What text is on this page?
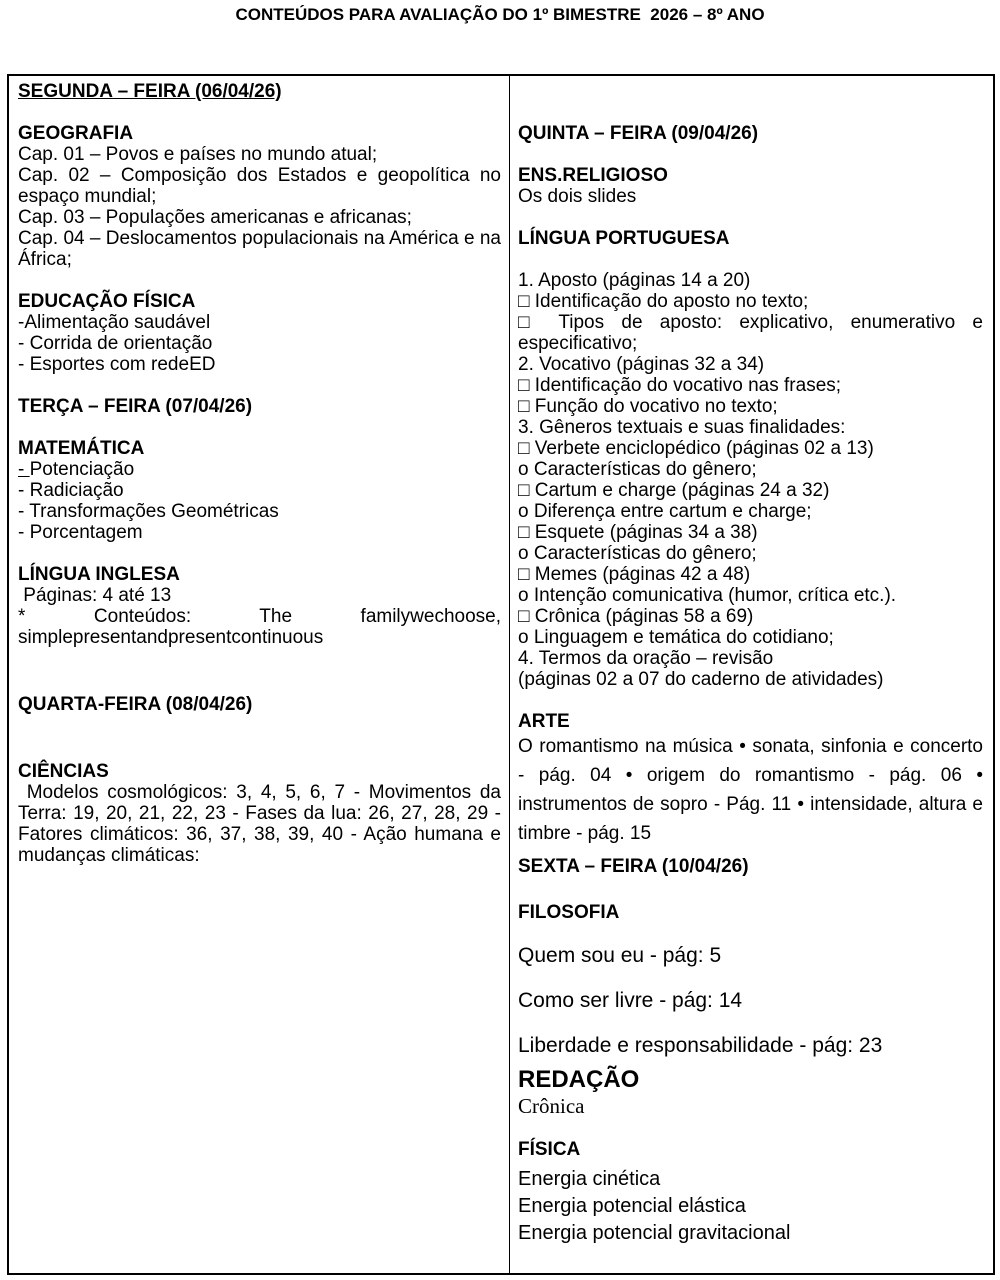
CONTEÚDOS PARA AVALIAÇÃO DO 1º BIMESTRE  2026 – 8º ANO

SEGUNDA – FEIRA (06/04/26)

GEOGRAFIA

Cap. 01 – Povos e países no mundo atual;

Cap. 02 – Composição dos Estados e geopolítica no espaço mundial;

Cap. 03 – Populações americanas e africanas;

Cap. 04 – Deslocamentos populacionais na América e na África;

EDUCAÇÃO FÍSICA

-Alimentação saudável

- Corrida de orientação

- Esportes com redeED

TERÇA – FEIRA (07/04/26)

MATEMÁTICA

- Potenciação

- Radiciação

- Transformações Geométricas

- Porcentagem

LÍNGUA INGLESA

Páginas: 4 até 13

* Conteúdos: The familywechoose, simplepresentandpresentcontinuous

QUARTA-FEIRA (08/04/26)

CIÊNCIAS

Modelos cosmológicos: 3, 4, 5, 6, 7 - Movimentos da Terra: 19, 20, 21, 22, 23 - Fases da lua: 26, 27, 28, 29 - Fatores climáticos: 36, 37, 38, 39, 40 - Ação humana e mudanças climáticas:

QUINTA – FEIRA (09/04/26)

ENS.RELIGIOSO

Os dois slides

LÍNGUA PORTUGUESA

1. Aposto (páginas 14 a 20)

□ Identificação do aposto no texto;

□ Tipos de aposto: explicativo, enumerativo e especificativo;

2. Vocativo (páginas 32 a 34)

□ Identificação do vocativo nas frases;

□ Função do vocativo no texto;

3. Gêneros textuais e suas finalidades:

□ Verbete enciclopédico (páginas 02 a 13)

o Características do gênero;

□ Cartum e charge (páginas 24 a 32)

o Diferença entre cartum e charge;

□ Esquete (páginas 34 a 38)

o Características do gênero;

□ Memes (páginas 42 a 48)

o Intenção comunicativa (humor, crítica etc.).

□ Crônica (páginas 58 a 69)

o Linguagem e temática do cotidiano;

4. Termos da oração – revisão

(páginas 02 a 07 do caderno de atividades)

ARTE

O romantismo na música • sonata, sinfonia e concerto - pág. 04 • origem do romantismo - pág. 06 • instrumentos de sopro - Pág. 11 • intensidade, altura e timbre - pág. 15

SEXTA – FEIRA (10/04/26)

FILOSOFIA

Quem sou eu - pág: 5

Como ser livre - pág: 14

Liberdade e responsabilidade - pág: 23

REDAÇÃO

Crônica

FÍSICA

Energia cinética

Energia potencial elástica

Energia potencial gravitacional
